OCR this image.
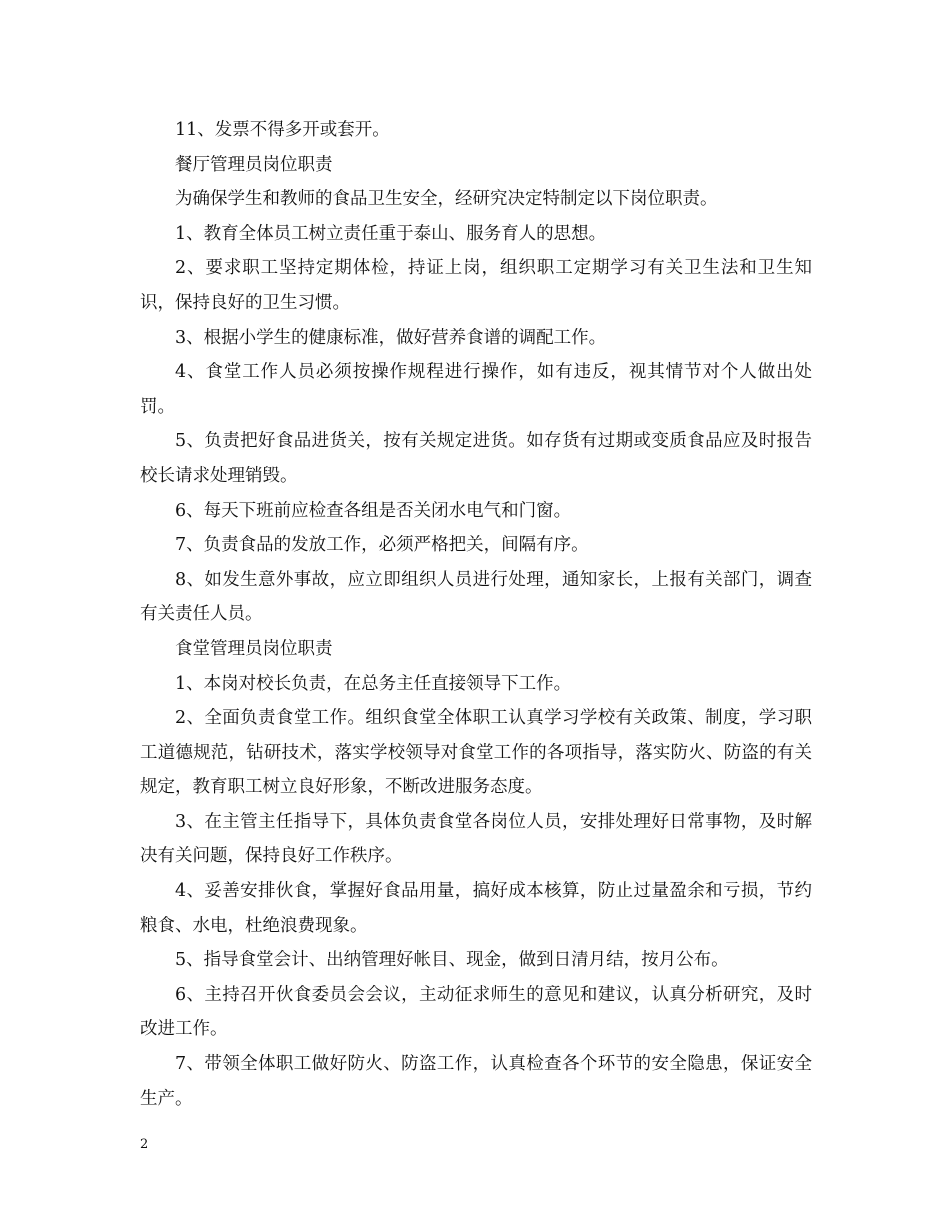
11、发票不得多开或套开。

餐厅管理员岗位职责

为确保学生和教师的食品卫生安全，经研究决定特制定以下岗位职责。

1、教育全体员工树立责任重于泰山、服务育人的思想。

2、要求职工坚持定期体检，持证上岗，组织职工定期学习有关卫生法和卫生知识，保持良好的卫生习惯。

3、根据小学生的健康标准，做好营养食谱的调配工作。

4、食堂工作人员必须按操作规程进行操作，如有违反，视其情节对个人做出处罚。

5、负责把好食品进货关，按有关规定进货。如存货有过期或变质食品应及时报告校长请求处理销毁。

6、每天下班前应检查各组是否关闭水电气和门窗。

7、负责食品的发放工作，必须严格把关，间隔有序。

8、如发生意外事故，应立即组织人员进行处理，通知家长，上报有关部门，调查有关责任人员。

食堂管理员岗位职责

1、本岗对校长负责，在总务主任直接领导下工作。

2、全面负责食堂工作。组织食堂全体职工认真学习学校有关政策、制度，学习职工道德规范，钻研技术，落实学校领导对食堂工作的各项指导，落实防火、防盗的有关规定，教育职工树立良好形象，不断改进服务态度。

3、在主管主任指导下，具体负责食堂各岗位人员，安排处理好日常事物，及时解决有关问题，保持良好工作秩序。

4、妥善安排伙食，掌握好食品用量，搞好成本核算，防止过量盈余和亏损，节约粮食、水电，杜绝浪费现象。

5、指导食堂会计、出纳管理好帐目、现金，做到日清月结，按月公布。

6、主持召开伙食委员会会议，主动征求师生的意见和建议，认真分析研究，及时改进工作。

7、带领全体职工做好防火、防盗工作，认真检查各个环节的安全隐患，保证安全生产。

2
